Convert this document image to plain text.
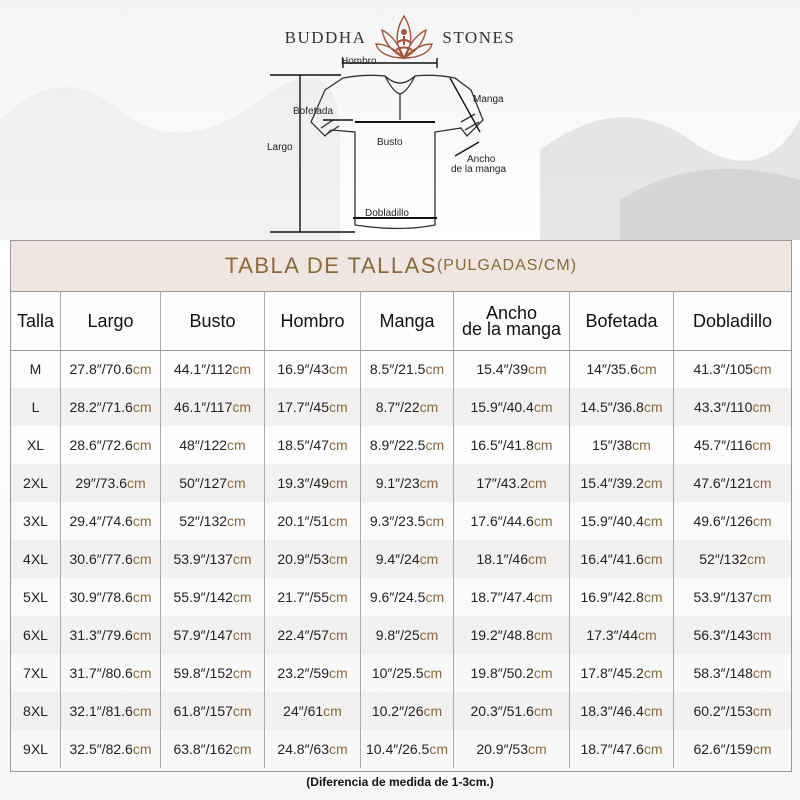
BUDDHA	STONES
Hombro
Manga
Bofetada
Largo	Busto
Ancho
de la manga
Dobladillo
TABLA DE TALLAS (PULGADAS/CM)
Talla	Largo	Busto	Hombro	Manga	Ancho
de la manga	Bofetada	Dobladillo
M 27.8″/70.6 cm 44.1″/112 cm 16.9″/43 cm 8.5″/21.5 cm 15.4″/39 cm	14″/35.6 cm	41.3″/105 cm
L 28.2″/71.6 cm 46.1″/117 cm 17.7″/45 cm 8.7″/22 cm 15.9″/40.4 cm 14.5″/36.8 cm 43.3″/110 cm
XL 28.6″/72.6 cm 48″/122 cm 18.5″/47 cm 8.9″/22.5 cm 16.5″/41.8 cm	15″/38 cm	45.7″/116 cm
2XL 29″/73.6 cm 50″/127 cm 19.3″/49 cm 9.1″/23 cm	17″/43.2 cm 15.4″/39.2 cm 47.6″/121 cm
3XL 29.4″/74.6 cm 52″/132 cm 20.1″/51 cm 9.3″/23.5 cm 17.6″/44.6 cm 15.9″/40.4 cm 49.6″/126 cm
4XL 30.6″/77.6 cm 53.9″/137 cm 20.9″/53 cm 9.4″/24 cm	18.1″/46 cm 16.4″/41.6 cm	52″/132 cm
5XL 30.9″/78.6 cm 55.9″/142 cm 21.7″/55 cm 9.6″/24.5 cm 18.7″/47.4 cm 16.9″/42.8 cm 53.9″/137 cm
6XL 31.3″/79.6 cm 57.9″/147 cm 22.4″/57 cm 9.8″/25 cm 19.2″/48.8 cm 17.3″/44 cm	56.3″/143 cm
7XL 31.7″/80.6 cm 59.8″/152 cm 23.2″/59 cm 10″/25.5 cm 19.8″/50.2 cm 17.8″/45.2 cm 58.3″/148 cm
8XL 32.1″/81.6 cm 61.8″/157 cm 24″/61 cm 10.2″/26 cm 20.3″/51.6 cm 18.3″/46.4 cm 60.2″/153 cm
9XL 32.5″/82.6 cm 63.8″/162 cm 24.8″/63 cm 10.4″/26.5 cm 20.9″/53 cm 18.7″/47.6 cm 62.6″/159 cm
(Diferencia de medida de 1-3cm.)
